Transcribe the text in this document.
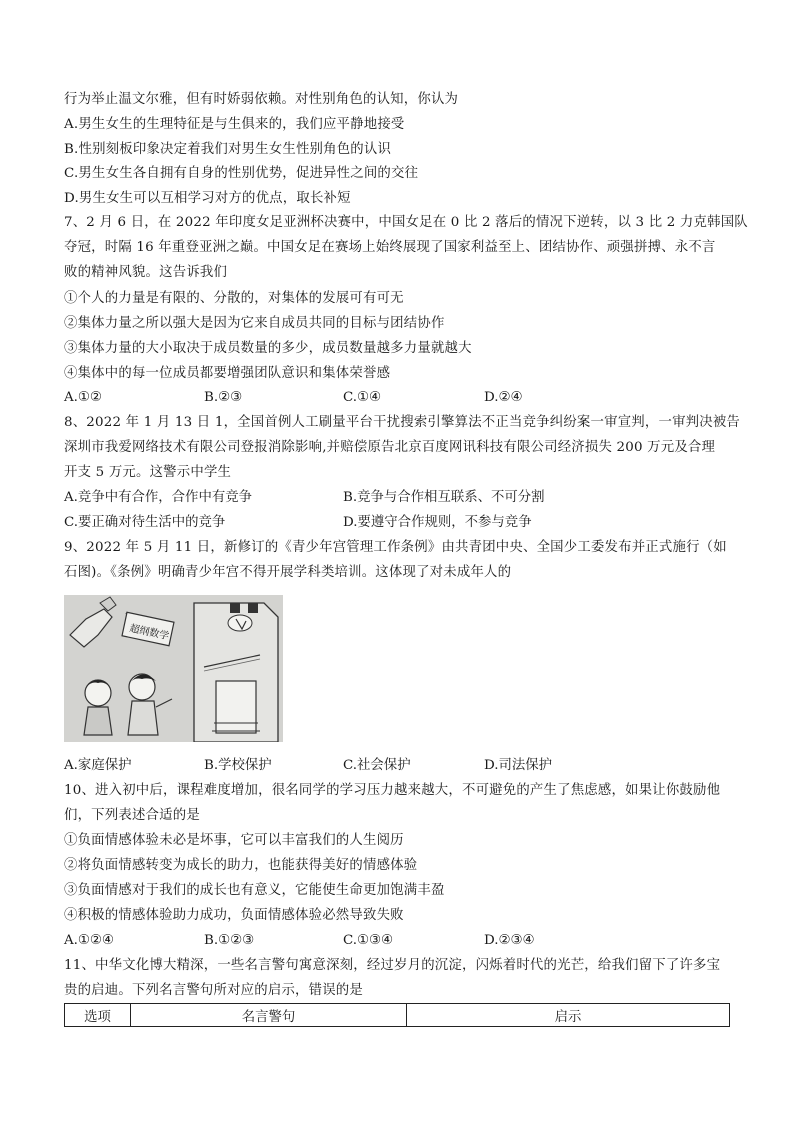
行为举止温文尔雅，但有时娇弱依赖。对性别角色的认知，你认为
A.男生女生的生理特征是与生俱来的，我们应平静地接受
B.性别刻板印象决定着我们对男生女生性别角色的认识
C.男生女生各自拥有自身的性别优势，促进异性之间的交往
D.男生女生可以互相学习对方的优点，取长补短
7、2 月 6 日，在 2022 年印度女足亚洲杯决赛中，中国女足在 0 比 2 落后的情况下逆转，以 3 比 2 力克韩国队
夺冠，时隔 16 年重登亚洲之巅。中国女足在赛场上始终展现了国家利益至上、团结协作、顽强拼搏、永不言
败的精神风貌。这告诉我们
①个人的力量是有限的、分散的，对集体的发展可有可无
②集体力量之所以强大是因为它来自成员共同的目标与团结协作
③集体力量的大小取决于成员数量的多少，成员数量越多力量就越大
④集体中的每一位成员都要增强团队意识和集体荣誉感
A.①②	B.②③	C.①④	D.②④
8、2022 年 1 月 13 日 1，全国首例人工刷量平台干扰搜索引擎算法不正当竞争纠纷案一审宣判，一审判决被告
深圳市我爱网络技术有限公司登报消除影响,并赔偿原告北京百度网讯科技有限公司经济损失 200 万元及合理
开支 5 万元。这警示中学生
A.竞争中有合作，合作中有竞争	B.竞争与合作相互联系、不可分割
C.要正确对待生活中的竞争	D.要遵守合作规则，不参与竞争
9、2022 年 5 月 11 日，新修订的《青少年宫管理工作条例》由共青团中央、全国少工委发布并正式施行（如
石图)。《条例》明确青少年宫不得开展学科类培训。这体现了对未成年人的
超纲数学
A.家庭保护	B.学校保护	C.社会保护	D.司法保护
10、进入初中后，课程难度增加，很名同学的学习压力越来越大，不可避免的产生了焦虑感，如果让你鼓励他
们，下列表述合适的是
①负面情感体验未必是坏事，它可以丰富我们的人生阅历
②将负面情感转变为成长的助力，也能获得美好的情感体验
③负面情感对于我们的成长也有意义，它能使生命更加饱满丰盈
④积极的情感体验助力成功，负面情感体验必然导致失败
A.①②④	B.①②③	C.①③④	D.②③④
11、中华文化博大精深，一些名言警句寓意深刻，经过岁月的沉淀，闪烁着时代的光芒，给我们留下了许多宝
贵的启迪。下列名言警句所对应的启示，错误的是
选项	名言警句	启示
